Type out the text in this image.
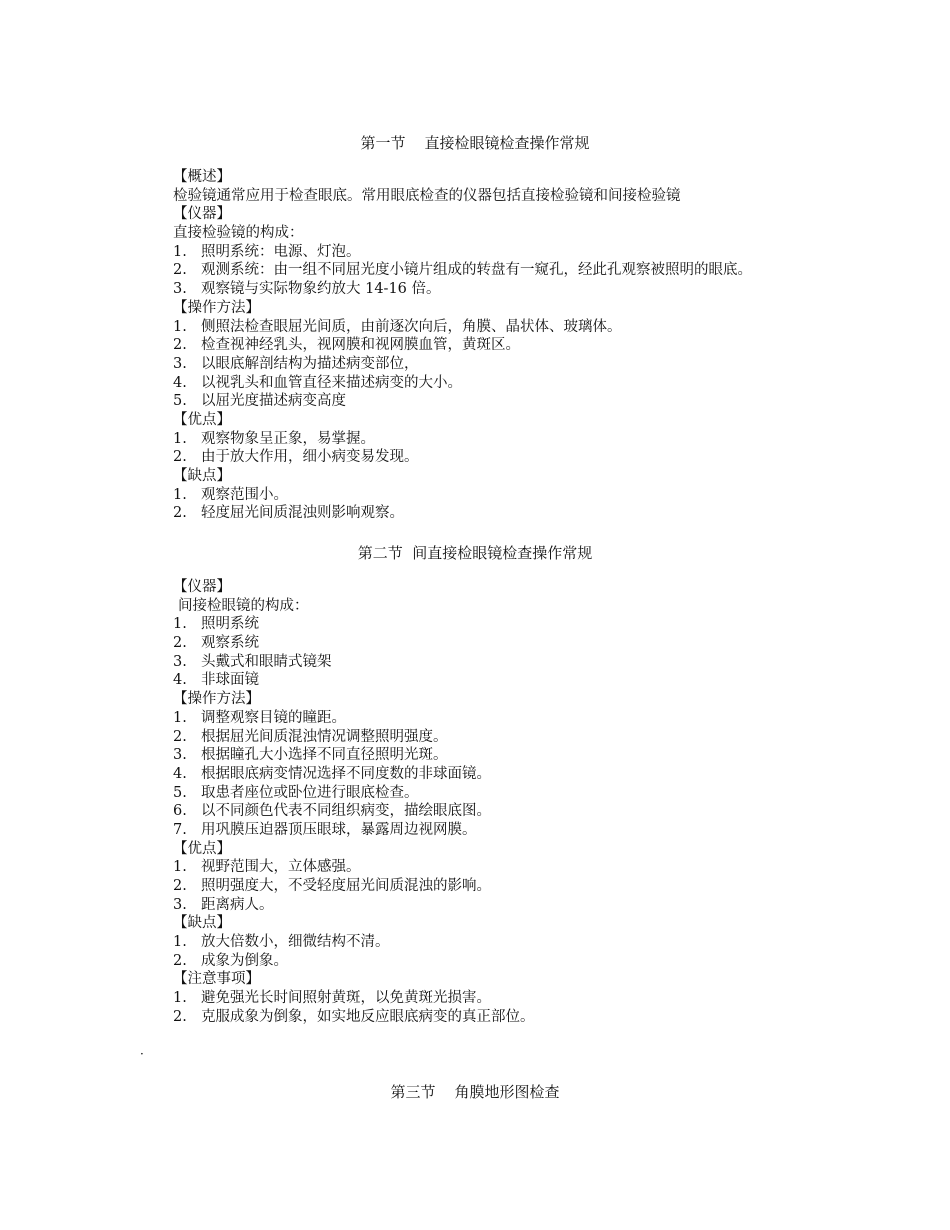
第一节    直接检眼镜检查操作常规
【概述】
检验镜通常应用于检查眼底。常用眼底检查的仪器包括直接检验镜和间接检验镜
【仪器】
直接检验镜的构成：
1. 照明系统：电源、灯泡。
2. 观测系统：由一组不同屈光度小镜片组成的转盘有一窥孔，经此孔观察被照明的眼底。
3. 观察镜与实际物象约放大 14-16 倍。
【操作方法】
1. 侧照法检查眼屈光间质，由前逐次向后，角膜、晶状体、玻璃体。
2. 检查视神经乳头，视网膜和视网膜血管，黄斑区。
3. 以眼底解剖结构为描述病变部位，
4. 以视乳头和血管直径来描述病变的大小。
5. 以屈光度描述病变高度
【优点】
1. 观察物象呈正象，易掌握。
2. 由于放大作用，细小病变易发现。
【缺点】
1. 观察范围小。
2. 轻度屈光间质混浊则影响观察。
第二节  间直接检眼镜检查操作常规
【仪器】
间接检眼镜的构成：
1. 照明系统
2. 观察系统
3. 头戴式和眼睛式镜架
4. 非球面镜
【操作方法】
1. 调整观察目镜的瞳距。
2. 根据屈光间质混浊情况调整照明强度。
3. 根据瞳孔大小选择不同直径照明光斑。
4. 根据眼底病变情况选择不同度数的非球面镜。
5. 取患者座位或卧位进行眼底检查。
6. 以不同颜色代表不同组织病变，描绘眼底图。
7. 用巩膜压迫器顶压眼球，暴露周边视网膜。
【优点】
1. 视野范围大，立体感强。
2. 照明强度大，不受轻度屈光间质混浊的影响。
3. 距离病人。
【缺点】
1. 放大倍数小，细微结构不清。
2. 成象为倒象。
【注意事项】
1. 避免强光长时间照射黄斑，以免黄斑光损害。
2. 克服成象为倒象，如实地反应眼底病变的真正部位。
·
第三节    角膜地形图检查
